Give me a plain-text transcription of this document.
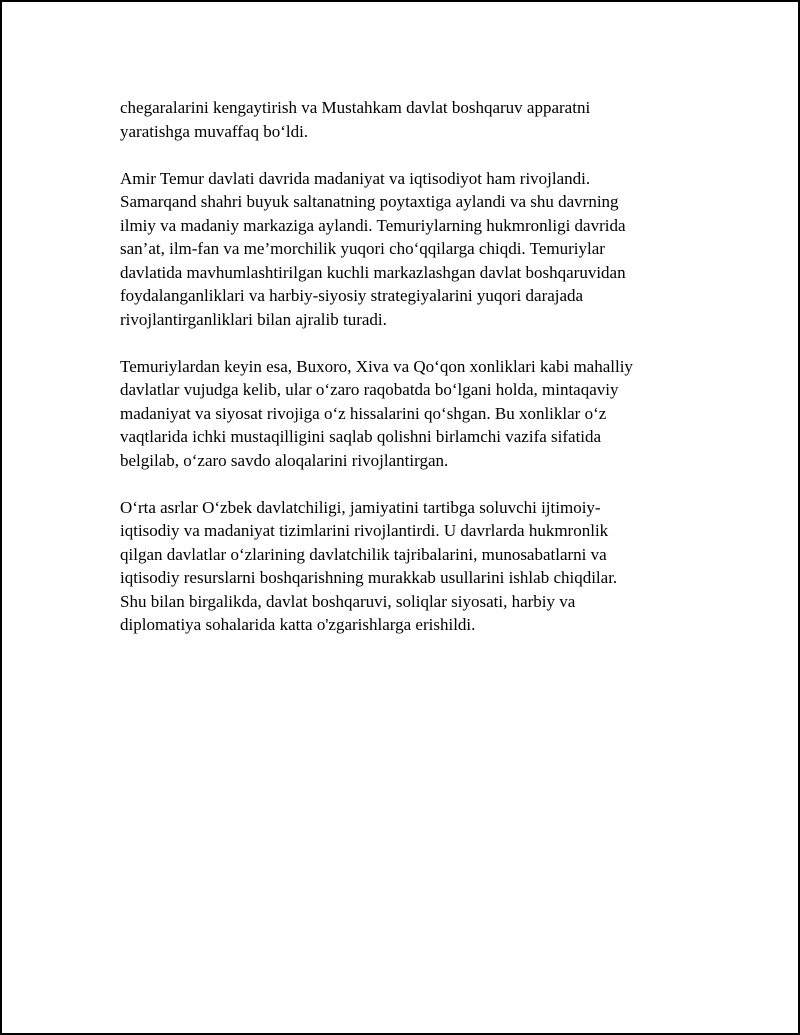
chegaralarini kengaytirish va Mustahkam davlat boshqaruv apparatni
yaratishga muvaffaq bo‘ldi.

Amir Temur davlati davrida madaniyat va iqtisodiyot ham rivojlandi.
Samarqand shahri buyuk saltanatning poytaxtiga aylandi va shu davrning
ilmiy va madaniy markaziga aylandi. Temuriylarning hukmronligi davrida
san’at, ilm-fan va me’morchilik yuqori cho‘qqilarga chiqdi. Temuriylar
davlatida mavhumlashtirilgan kuchli markazlashgan davlat boshqaruvidan
foydalanganliklari va harbiy-siyosiy strategiyalarini yuqori darajada
rivojlantirganliklari bilan ajralib turadi.

Temuriylardan keyin esa, Buxoro, Xiva va Qo‘qon xonliklari kabi mahalliy
davlatlar vujudga kelib, ular o‘zaro raqobatda bo‘lgani holda, mintaqaviy
madaniyat va siyosat rivojiga o‘z hissalarini qo‘shgan. Bu xonliklar o‘z
vaqtlarida ichki mustaqilligini saqlab qolishni birlamchi vazifa sifatida
belgilab, o‘zaro savdo aloqalarini rivojlantirgan.

O‘rta asrlar O‘zbek davlatchiligi, jamiyatini tartibga soluvchi ijtimoiy-
iqtisodiy va madaniyat tizimlarini rivojlantirdi. U davrlarda hukmronlik
qilgan davlatlar o‘zlarining davlatchilik tajribalarini, munosabatlarni va
iqtisodiy resurslarni boshqarishning murakkab usullarini ishlab chiqdilar.
Shu bilan birgalikda, davlat boshqaruvi, soliqlar siyosati, harbiy va
diplomatiya sohalarida katta o'zgarishlarga erishildi.
